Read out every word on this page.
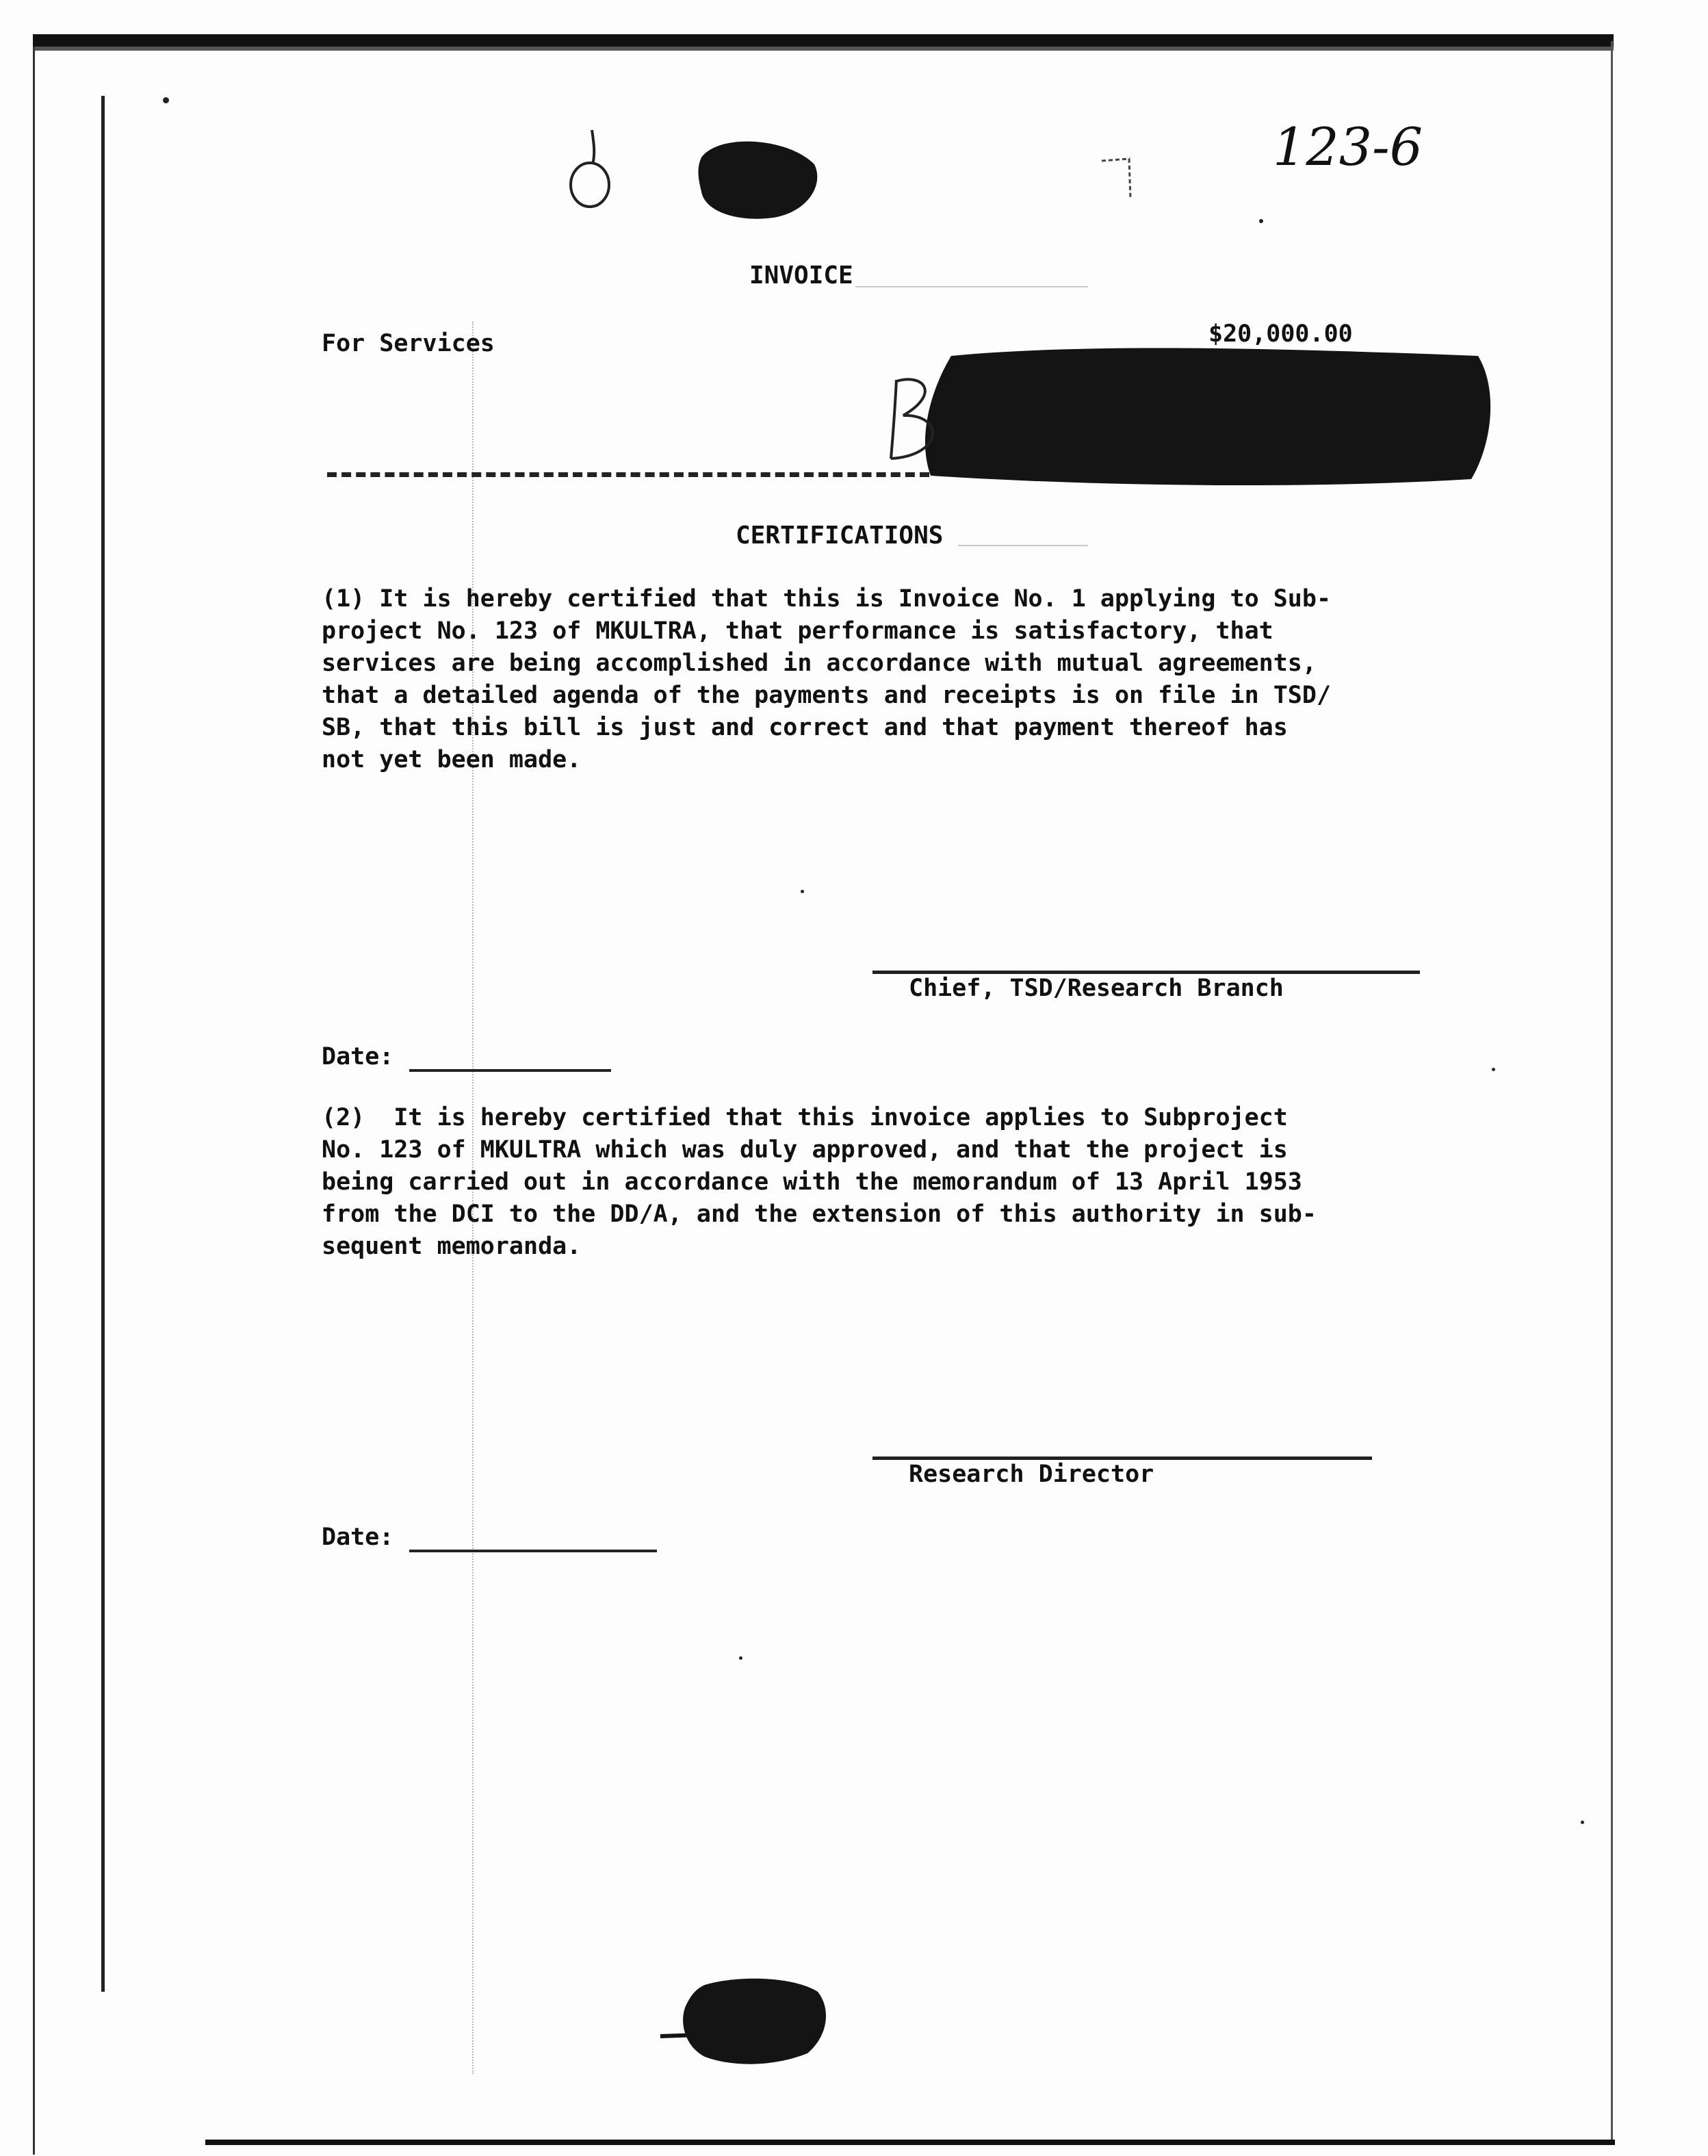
123-6
INVOICE
For Services	$20,000.00
CERTIFICATIONS
(1) It is hereby certified that this is Invoice No. 1 applying to Sub-
project No. 123 of MKULTRA, that performance is satisfactory, that
services are being accomplished in accordance with mutual agreements,
that a detailed agenda of the payments and receipts is on file in TSD/
SB, that this bill is just and correct and that payment thereof has
not yet been made.
Chief, TSD/Research Branch
Date:
(2)  It is hereby certified that this invoice applies to Subproject
No. 123 of MKULTRA which was duly approved, and that the project is
being carried out in accordance with the memorandum of 13 April 1953
from the DCI to the DD/A, and the extension of this authority in sub-
sequent memoranda.
Research Director
Date:
